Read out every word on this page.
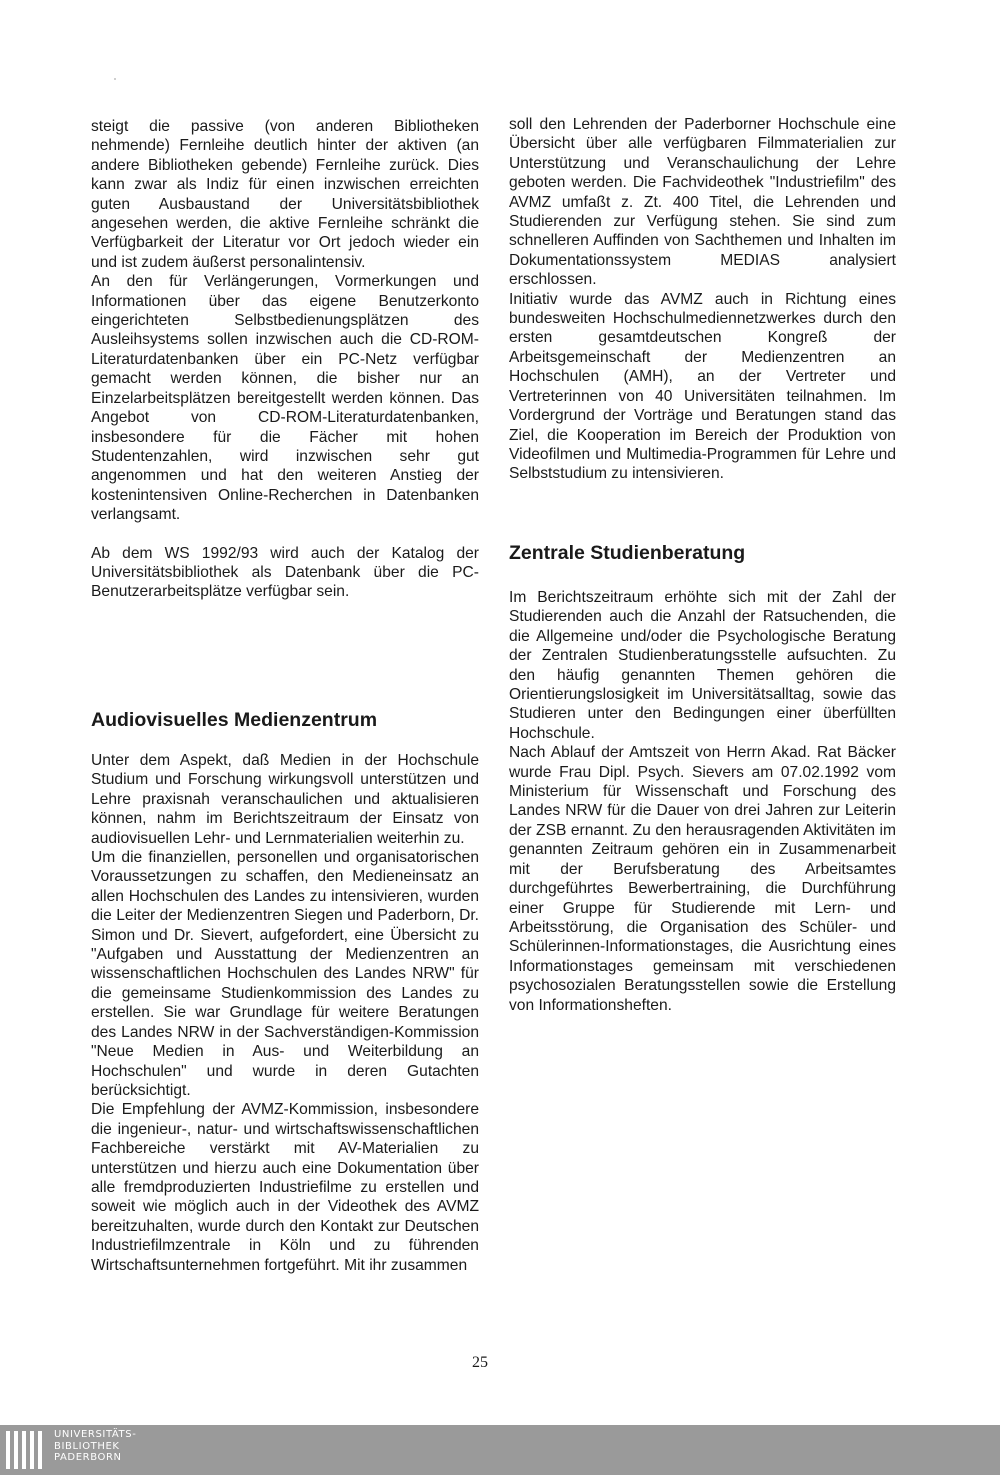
steigt die passive (von anderen Bibliotheken nehmende) Fernleihe deutlich hinter der aktiven (an andere Bibliotheken gebende) Fernleihe zurück. Dies kann zwar als Indiz für einen inzwischen erreichten guten Ausbaustand der Universitätsbibliothek angesehen werden, die aktive Fernleihe schränkt die Verfügbarkeit der Literatur vor Ort jedoch wieder ein und ist zudem äußerst personalintensiv.

An den für Verlängerungen, Vormerkungen und Informationen über das eigene Benutzerkonto eingerichteten Selbstbedienungsplätzen des Ausleihsystems sollen inzwischen auch die CD-ROM-Literaturdatenbanken über ein PC-Netz verfügbar gemacht werden können, die bisher nur an Einzelarbeitsplätzen bereitgestellt werden können. Das Angebot von CD-ROM-Literaturdatenbanken, insbesondere für die Fächer mit hohen Studentenzahlen, wird inzwischen sehr gut angenommen und hat den weiteren Anstieg der kostenintensiven Online-Recherchen in Datenbanken verlangsamt.

Ab dem WS 1992/93 wird auch der Katalog der Universitätsbibliothek als Datenbank über die PC-Benutzerarbeitsplätze verfügbar sein.

Audiovisuelles Medienzentrum

Unter dem Aspekt, daß Medien in der Hochschule Studium und Forschung wirkungsvoll unterstützen und Lehre praxisnah veranschaulichen und aktualisieren können, nahm im Berichtszeitraum der Einsatz von audiovisuellen Lehr- und Lernmaterialien weiterhin zu.

Um die finanziellen, personellen und organisatorischen Voraussetzungen zu schaffen, den Medieneinsatz an allen Hochschulen des Landes zu intensivieren, wurden die Leiter der Medienzentren Siegen und Paderborn, Dr. Simon und Dr. Sievert, aufgefordert, eine Übersicht zu "Aufgaben und Ausstattung der Medienzentren an wissenschaftlichen Hochschulen des Landes NRW" für die gemeinsame Studienkommission des Landes zu erstellen. Sie war Grundlage für weitere Beratungen des Landes NRW in der Sachverständigen-Kommission "Neue Medien in Aus- und Weiterbildung an Hochschulen" und wurde in deren Gutachten berücksichtigt.

Die Empfehlung der AVMZ-Kommission, insbesondere die ingenieur-, natur- und wirtschaftswissenschaftlichen Fachbereiche verstärkt mit AV-Materialien zu unterstützen und hierzu auch eine Dokumentation über alle fremdproduzierten Industriefilme zu erstellen und soweit wie möglich auch in der Videothek des AVMZ bereitzuhalten, wurde durch den Kontakt zur Deutschen Industriefilmzentrale in Köln und zu führenden Wirtschaftsunternehmen fortgeführt. Mit ihr zusammen

soll den Lehrenden der Paderborner Hochschule eine Übersicht über alle verfügbaren Filmmaterialien zur Unterstützung und Veranschaulichung der Lehre geboten werden. Die Fachvideothek "Industriefilm" des AVMZ umfaßt z. Zt. 400 Titel, die Lehrenden und Studierenden zur Verfügung stehen. Sie sind zum schnelleren Auffinden von Sachthemen und Inhalten im Dokumentationssystem MEDIAS analysiert erschlossen.

Initiativ wurde das AVMZ auch in Richtung eines bundesweiten Hochschulmediennetzwerkes durch den ersten gesamtdeutschen Kongreß der Arbeitsgemeinschaft der Medienzentren an Hochschulen (AMH), an der Vertreter und Vertreterinnen von 40 Universitäten teilnahmen. Im Vordergrund der Vorträge und Beratungen stand das Ziel, die Kooperation im Bereich der Produktion von Videofilmen und Multimedia-Programmen für Lehre und Selbststudium zu intensivieren.

Zentrale Studienberatung

Im Berichtszeitraum erhöhte sich mit der Zahl der Studierenden auch die Anzahl der Ratsuchenden, die die Allgemeine und/oder die Psychologische Beratung der Zentralen Studienberatungsstelle aufsuchten. Zu den häufig genannten Themen gehören die Orientierungslosigkeit im Universitätsalltag, sowie das Studieren unter den Bedingungen einer überfüllten Hochschule.

Nach Ablauf der Amtszeit von Herrn Akad. Rat Bäcker wurde Frau Dipl. Psych. Sievers am 07.02.1992 vom Ministerium für Wissenschaft und Forschung des Landes NRW für die Dauer von drei Jahren zur Leiterin der ZSB ernannt. Zu den herausragenden Aktivitäten im genannten Zeitraum gehören ein in Zusammenarbeit mit der Berufsberatung des Arbeitsamtes durchgeführtes Bewerbertraining, die Durchführung einer Gruppe für Studierende mit Lern- und Arbeitsstörung, die Organisation des Schüler- und Schülerinnen-Informationstages, die Ausrichtung eines Informationstages gemeinsam mit verschiedenen psychosozialen Beratungsstellen sowie die Erstellung von Informationsheften.

25
UNIVERSITÄTS-
BIBLIOTHEK
PADERBORN
